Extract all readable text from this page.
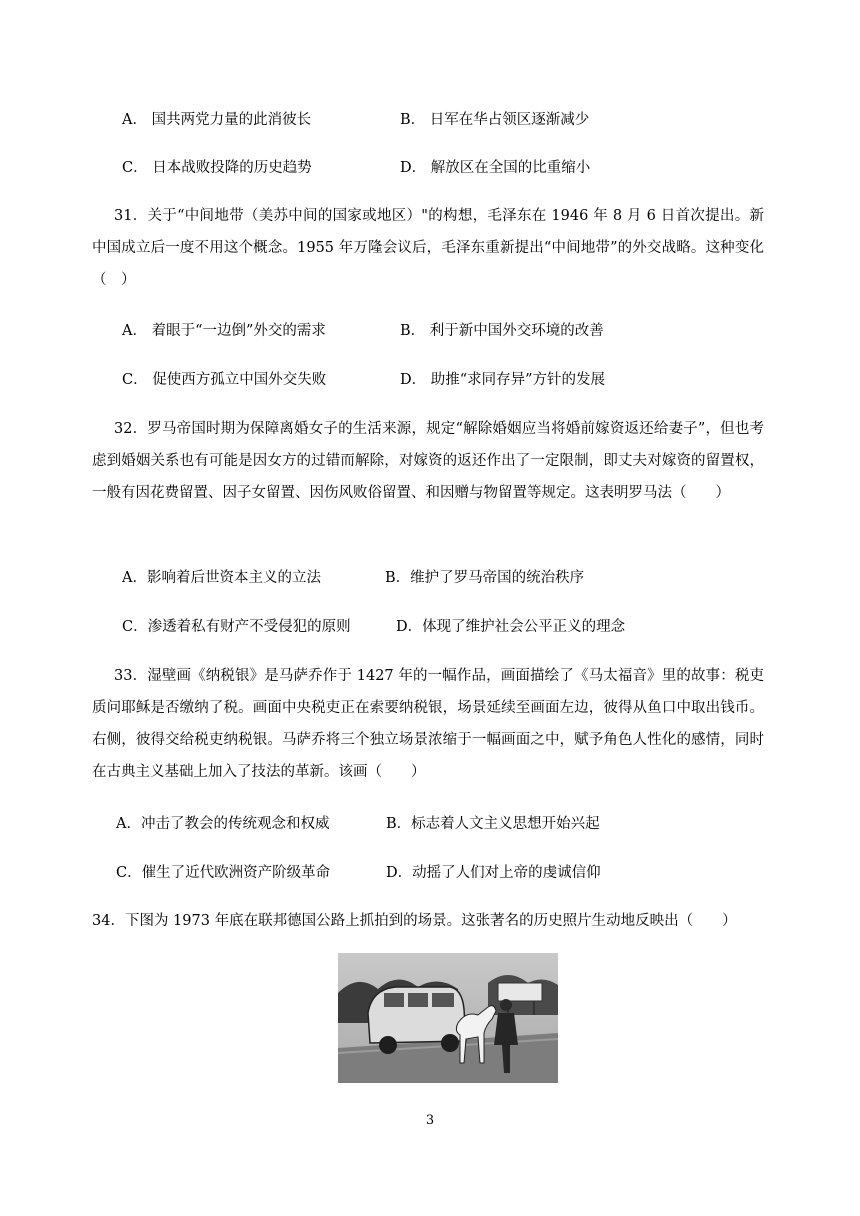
A． 国共两党力量的此消彼长	B． 日军在华占领区逐渐减少
C． 日本战败投降的历史趋势	D． 解放区在全国的比重缩小

31．关于“中间地带（美苏中间的国家或地区）"的构想，毛泽东在 1946 年 8 月 6 日首次提出。新中国成立后一度不用这个概念。1955 年万隆会议后，毛泽东重新提出“中间地带”的外交战略。这种变化（　）

A． 着眼于“一边倒”外交的需求	B． 利于新中国外交环境的改善
C． 促使西方孤立中国外交失败	D． 助推“求同存异”方针的发展

32．罗马帝国时期为保障离婚女子的生活来源，规定“解除婚姻应当将婚前嫁资返还给妻子”，但也考虑到婚姻关系也有可能是因女方的过错而解除，对嫁资的返还作出了一定限制，即丈夫对嫁资的留置权，一般有因花费留置、因子女留置、因伤风败俗留置、和因赠与物留置等规定。这表明罗马法（　　）

A．影响着后世资本主义的立法	B．维护了罗马帝国的统治秩序
C．渗透着私有财产不受侵犯的原则	D．体现了维护社会公平正义的理念

33．湿壁画《纳税银》是马萨乔作于 1427 年的一幅作品，画面描绘了《马太福音》里的故事：税吏质问耶稣是否缴纳了税。画面中央税吏正在索要纳税银，场景延续至画面左边，彼得从鱼口中取出钱币。右侧，彼得交给税吏纳税银。马萨乔将三个独立场景浓缩于一幅画面之中，赋予角色人性化的感情，同时在古典主义基础上加入了技法的革新。该画（　　）

A．冲击了教会的传统观念和权威	B．标志着人文主义思想开始兴起
C．催生了近代欧洲资产阶级革命	D．动摇了人们对上帝的虔诚信仰
34．下图为 1973 年底在联邦德国公路上抓拍到的场景。这张著名的历史照片生动地反映出（　　）
3
